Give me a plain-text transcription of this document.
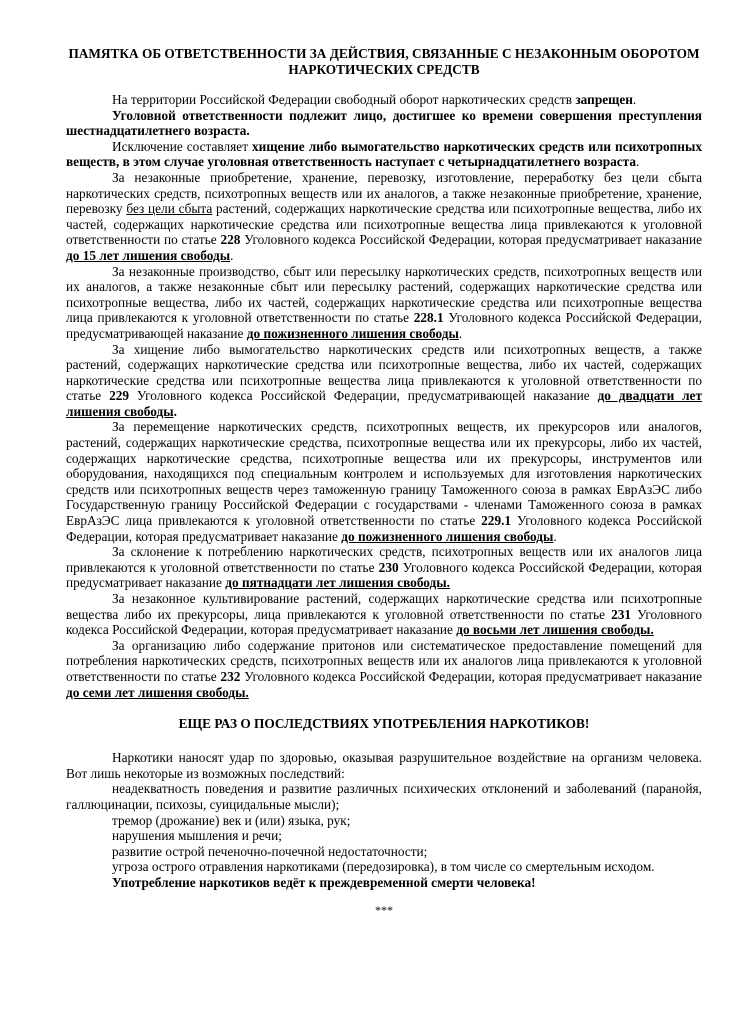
ПАМЯТКА ОБ ОТВЕТСТВЕННОСТИ ЗА ДЕЙСТВИЯ, СВЯЗАННЫЕ С НЕЗАКОННЫМ ОБОРОТОМ НАРКОТИЧЕСКИХ СРЕДСТВ

На территории Российской Федерации свободный оборот наркотических средств запрещен.

Уголовной ответственности подлежит лицо, достигшее ко времени совершения преступления шестнадцатилетнего возраста.

Исключение составляет хищение либо вымогательство наркотических средств или психотропных веществ, в этом случае уголовная ответственность наступает с четырнадцатилетнего возраста.

За незаконные приобретение, хранение, перевозку, изготовление, переработку без цели сбыта наркотических средств, психотропных веществ или их аналогов, а также незаконные приобретение, хранение, перевозку без цели сбыта растений, содержащих наркотические средства или психотропные вещества, либо их частей, содержащих наркотические средства или психотропные вещества лица привлекаются к уголовной ответственности по статье 228 Уголовного кодекса Российской Федерации, которая предусматривает наказание до 15 лет лишения свободы.

За незаконные производство, сбыт или пересылку наркотических средств, психотропных веществ или их аналогов, а также незаконные сбыт или пересылку растений, содержащих наркотические средства или психотропные вещества, либо их частей, содержащих наркотические средства или психотропные вещества лица привлекаются к уголовной ответственности по статье 228.1 Уголовного кодекса Российской Федерации, предусматривающей наказание до пожизненного лишения свободы.

За хищение либо вымогательство наркотических средств или психотропных веществ, а также растений, содержащих наркотические средства или психотропные вещества, либо их частей, содержащих наркотические средства или психотропные вещества лица привлекаются к уголовной ответственности по статье 229 Уголовного кодекса Российской Федерации, предусматривающей наказание до двадцати лет лишения свободы.

За перемещение наркотических средств, психотропных веществ, их прекурсоров или аналогов, растений, содержащих наркотические средства, психотропные вещества или их прекурсоры, либо их частей, содержащих наркотические средства, психотропные вещества или их прекурсоры, инструментов или оборудования, находящихся под специальным контролем и используемых для изготовления наркотических средств или психотропных веществ через таможенную границу Таможенного союза в рамках ЕврАзЭС либо Государственную границу Российской Федерации с государствами - членами Таможенного союза в рамках ЕврАзЭС лица привлекаются к уголовной ответственности по статье 229.1 Уголовного кодекса Российской Федерации, которая предусматривает наказание до пожизненного лишения свободы.

За склонение к потреблению наркотических средств, психотропных веществ или их аналогов лица привлекаются к уголовной ответственности по статье 230 Уголовного кодекса Российской Федерации, которая предусматривает наказание до пятнадцати лет лишения свободы.

За незаконное культивирование растений, содержащих наркотические средства или психотропные вещества либо их прекурсоры, лица привлекаются к уголовной ответственности по статье 231 Уголовного кодекса Российской Федерации, которая предусматривает наказание до восьми лет лишения свободы.

За организацию либо содержание притонов или систематическое предоставление помещений для потребления наркотических средств, психотропных веществ или их аналогов лица привлекаются к уголовной ответственности по статье 232 Уголовного кодекса Российской Федерации, которая предусматривает наказание до семи лет лишения свободы.

ЕЩЕ РАЗ О ПОСЛЕДСТВИЯХ УПОТРЕБЛЕНИЯ НАРКОТИКОВ!

Наркотики наносят удар по здоровью, оказывая разрушительное воздействие на организм человека. Вот лишь некоторые из возможных последствий:

неадекватность поведения и развитие различных психических отклонений и заболеваний (паранойя, галлюцинации, психозы, суицидальные мысли);

тремор (дрожание) век и (или) языка, рук;

нарушения мышления и речи;

развитие острой печеночно-почечной недостаточности;

угроза острого отравления наркотиками (передозировка), в том числе со смертельным исходом.

Употребление наркотиков ведёт к преждевременной смерти человека!

***
